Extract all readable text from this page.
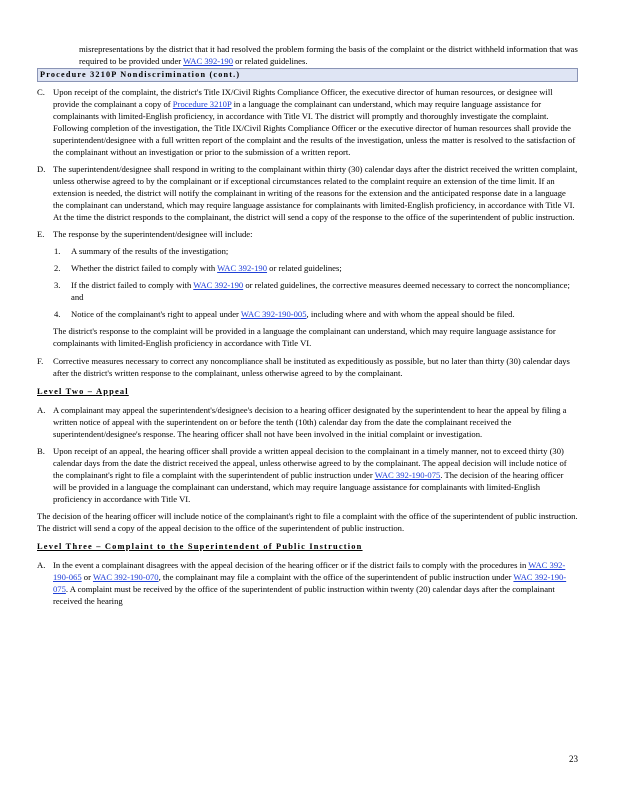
misrepresentations by the district that it had resolved the problem forming the basis of the complaint or the district withheld information that was required to be provided under WAC 392-190 or related guidelines.

Procedure 3210P Nondiscrimination (cont.)
C. Upon receipt of the complaint, the district's Title IX/Civil Rights Compliance Officer, the executive director of human resources, or designee will provide the complainant a copy of Procedure 3210P in a language the complainant can understand, which may require language assistance for complainants with limited-English proficiency, in accordance with Title VI. The district will promptly and thoroughly investigate the complaint. Following completion of the investigation, the Title IX/Civil Rights Compliance Officer or the executive director of human resources shall provide the superintendent/designee with a full written report of the complaint and the results of the investigation, unless the matter is resolved to the satisfaction of the complainant without an investigation or prior to the submission of a written report.
D. The superintendent/designee shall respond in writing to the complainant within thirty (30) calendar days after the district received the written complaint, unless otherwise agreed to by the complainant or if exceptional circumstances related to the complaint require an extension of the time limit. If an extension is needed, the district will notify the complainant in writing of the reasons for the extension and the anticipated response date in a language the complainant can understand, which may require language assistance for complainants with limited-English proficiency, in accordance with Title VI. At the time the district responds to the complainant, the district will send a copy of the response to the office of the superintendent of public instruction.
E. The response by the superintendent/designee will include:
1. A summary of the results of the investigation;
2. Whether the district failed to comply with WAC 392-190 or related guidelines;
3. If the district failed to comply with WAC 392-190 or related guidelines, the corrective measures deemed necessary to correct the noncompliance; and
4. Notice of the complainant's right to appeal under WAC 392-190-005, including where and with whom the appeal should be filed.

The district's response to the complaint will be provided in a language the complainant can understand, which may require language assistance for complainants with limited-English proficiency in accordance with Title VI.

F. Corrective measures necessary to correct any noncompliance shall be instituted as expeditiously as possible, but no later than thirty (30) calendar days after the district's written response to the complainant, unless otherwise agreed to by the complainant.
Level Two – Appeal
A. A complainant may appeal the superintendent's/designee's decision to a hearing officer designated by the superintendent to hear the appeal by filing a written notice of appeal with the superintendent on or before the tenth (10th) calendar day from the date the complainant received the superintendent/designee's response. The hearing officer shall not have been involved in the initial complaint or investigation.
B. Upon receipt of an appeal, the hearing officer shall provide a written appeal decision to the complainant in a timely manner, not to exceed thirty (30) calendar days from the date the district received the appeal, unless otherwise agreed to by the complainant. The appeal decision will include notice of the complainant's right to file a complaint with the superintendent of public instruction under WAC 392-190-075. The decision of the hearing officer will be provided in a language the complainant can understand, which may require language assistance for complainants with limited-English proficiency in accordance with Title VI.

The decision of the hearing officer will include notice of the complainant's right to file a complaint with the office of the superintendent of public instruction. The district will send a copy of the appeal decision to the office of the superintendent of public instruction.

Level Three – Complaint to the Superintendent of Public Instruction
A. In the event a complainant disagrees with the appeal decision of the hearing officer or if the district fails to comply with the procedures in WAC 392-190-065 or WAC 392-190-070, the complainant may file a complaint with the office of the superintendent of public instruction under WAC 392-190-075. A complaint must be received by the office of the superintendent of public instruction within twenty (20) calendar days after the complainant received the hearing
23
